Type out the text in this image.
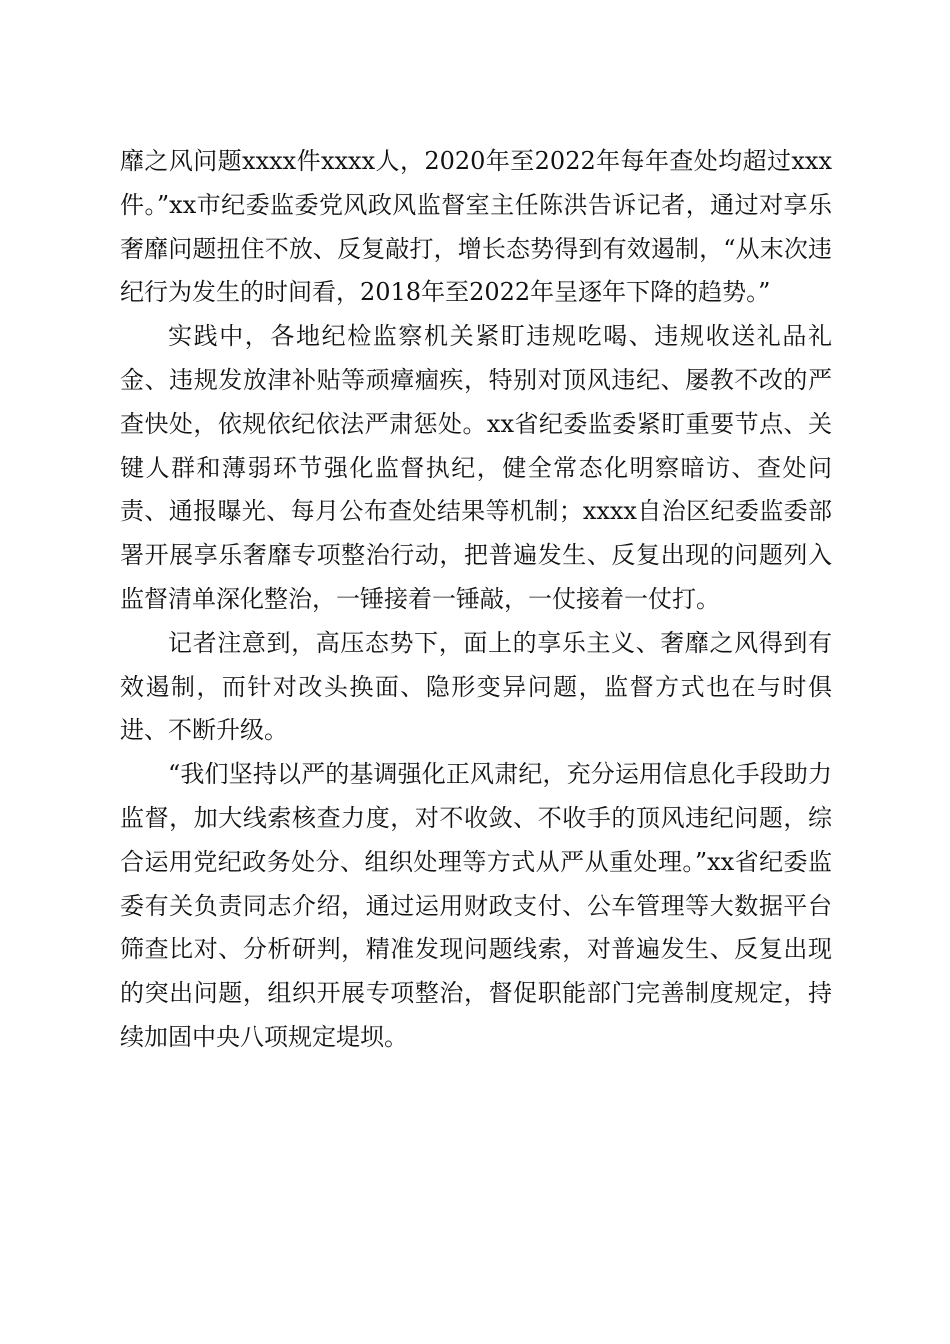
靡之风问题xxxx件xxxx人，2020年至2022年每年查处均超过xxx件。”xx市纪委监委党风政风监督室主任陈洪告诉记者，通过对享乐奢靡问题扭住不放、反复敲打，增长态势得到有效遏制，“从末次违纪行为发生的时间看，2018年至2022年呈逐年下降的趋势。”

实践中，各地纪检监察机关紧盯违规吃喝、违规收送礼品礼金、违规发放津补贴等顽瘴痼疾，特别对顶风违纪、屡教不改的严查快处，依规依纪依法严肃惩处。xx省纪委监委紧盯重要节点、关键人群和薄弱环节强化监督执纪，健全常态化明察暗访、查处问责、通报曝光、每月公布查处结果等机制；xxxx自治区纪委监委部署开展享乐奢靡专项整治行动，把普遍发生、反复出现的问题列入监督清单深化整治，一锤接着一锤敲，一仗接着一仗打。

记者注意到，高压态势下，面上的享乐主义、奢靡之风得到有效遏制，而针对改头换面、隐形变异问题，监督方式也在与时俱进、不断升级。

“我们坚持以严的基调强化正风肃纪，充分运用信息化手段助力监督，加大线索核查力度，对不收敛、不收手的顶风违纪问题，综合运用党纪政务处分、组织处理等方式从严从重处理。”xx省纪委监委有关负责同志介绍，通过运用财政支付、公车管理等大数据平台筛查比对、分析研判，精准发现问题线索，对普遍发生、反复出现的突出问题，组织开展专项整治，督促职能部门完善制度规定，持续加固中央八项规定堤坝。
